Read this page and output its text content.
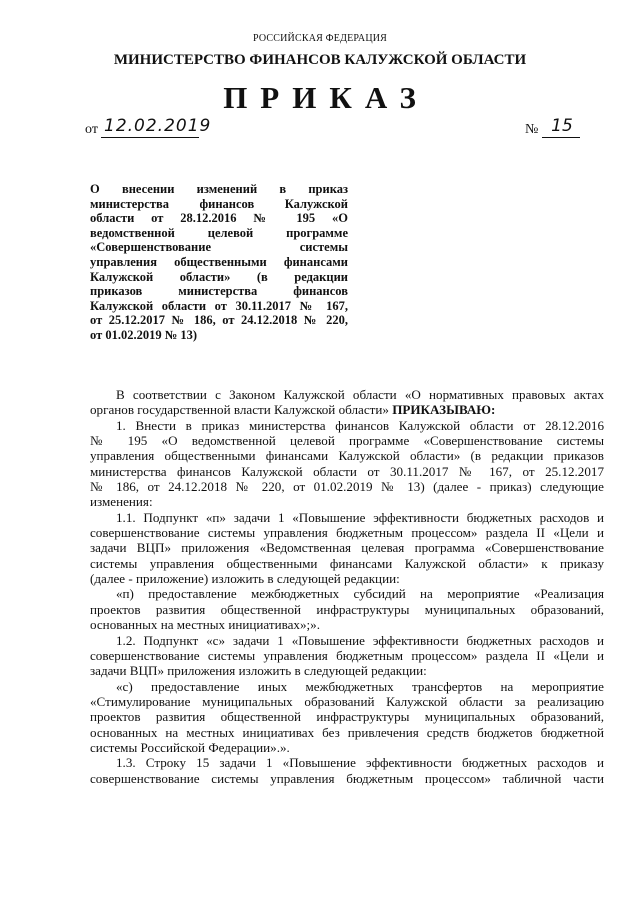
РОССИЙСКАЯ ФЕДЕРАЦИЯ
МИНИСТЕРСТВО ФИНАНСОВ КАЛУЖСКОЙ ОБЛАСТИ
ПРИКАЗ
от 12.02.2019	№ 15
О внесении изменений в приказ
министерства финансов Калужской
области от 28.12.2016 № 195 «О
ведомственной целевой программе
«Совершенствование системы
управления общественными финансами
Калужской области» (в редакции
приказов министерства финансов
Калужской области от 30.11.2017 № 167,
от 25.12.2017 № 186, от 24.12.2018 № 220,
от 01.02.2019 № 13)
В соответствии с Законом Калужской области «О нормативных правовых актах
органов государственной власти Калужской области» ПРИКАЗЫВАЮ:
1. Внести в приказ министерства финансов Калужской области от 28.12.2016
№ 195 «О ведомственной целевой программе «Совершенствование системы
управления общественными финансами Калужской области» (в редакции приказов
министерства финансов Калужской области от 30.11.2017 № 167, от 25.12.2017
№ 186, от 24.12.2018 № 220, от 01.02.2019 № 13) (далее - приказ) следующие
изменения:
1.1. Подпункт «п» задачи 1 «Повышение эффективности бюджетных расходов и
совершенствование системы управления бюджетным процессом» раздела II «Цели и
задачи ВЦП» приложения «Ведомственная целевая программа «Совершенствование
системы управления общественными финансами Калужской области» к приказу
(далее - приложение) изложить в следующей редакции:
«п) предоставление межбюджетных субсидий на мероприятие «Реализация
проектов развития общественной инфраструктуры муниципальных образований,
основанных на местных инициативах»;».
1.2. Подпункт «с» задачи 1 «Повышение эффективности бюджетных расходов и
совершенствование системы управления бюджетным процессом» раздела II «Цели и
задачи ВЦП» приложения изложить в следующей редакции:
«с) предоставление иных межбюджетных трансфертов на мероприятие
«Стимулирование муниципальных образований Калужской области за реализацию
проектов развития общественной инфраструктуры муниципальных образований,
основанных на местных инициативах без привлечения средств бюджетов бюджетной
системы Российской Федерации».».
1.3. Строку 15 задачи 1 «Повышение эффективности бюджетных расходов и
совершенствование системы управления бюджетным процессом» табличной части
